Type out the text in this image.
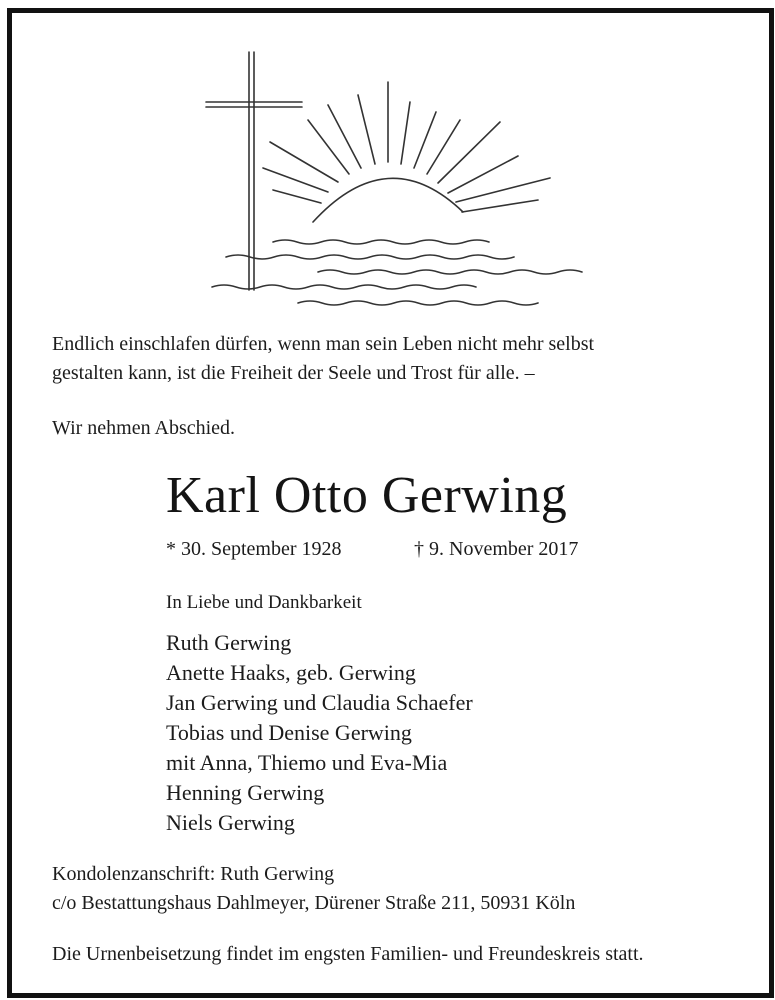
Endlich einschlafen dürfen, wenn man sein Leben nicht mehr selbst
gestalten kann, ist die Freiheit der Seele und Trost für alle. –
Wir nehmen Abschied.
Karl Otto Gerwing
* 30. September 1928	† 9. November 2017
In Liebe und Dankbarkeit
Ruth Gerwing
Anette Haaks, geb. Gerwing
Jan Gerwing und Claudia Schaefer
Tobias und Denise Gerwing
mit Anna, Thiemo und Eva-Mia
Henning Gerwing
Niels Gerwing
Kondolenzanschrift: Ruth Gerwing
c/o Bestattungshaus Dahlmeyer, Dürener Straße 211, 50931 Köln
Die Urnenbeisetzung findet im engsten Familien- und Freundeskreis statt.
